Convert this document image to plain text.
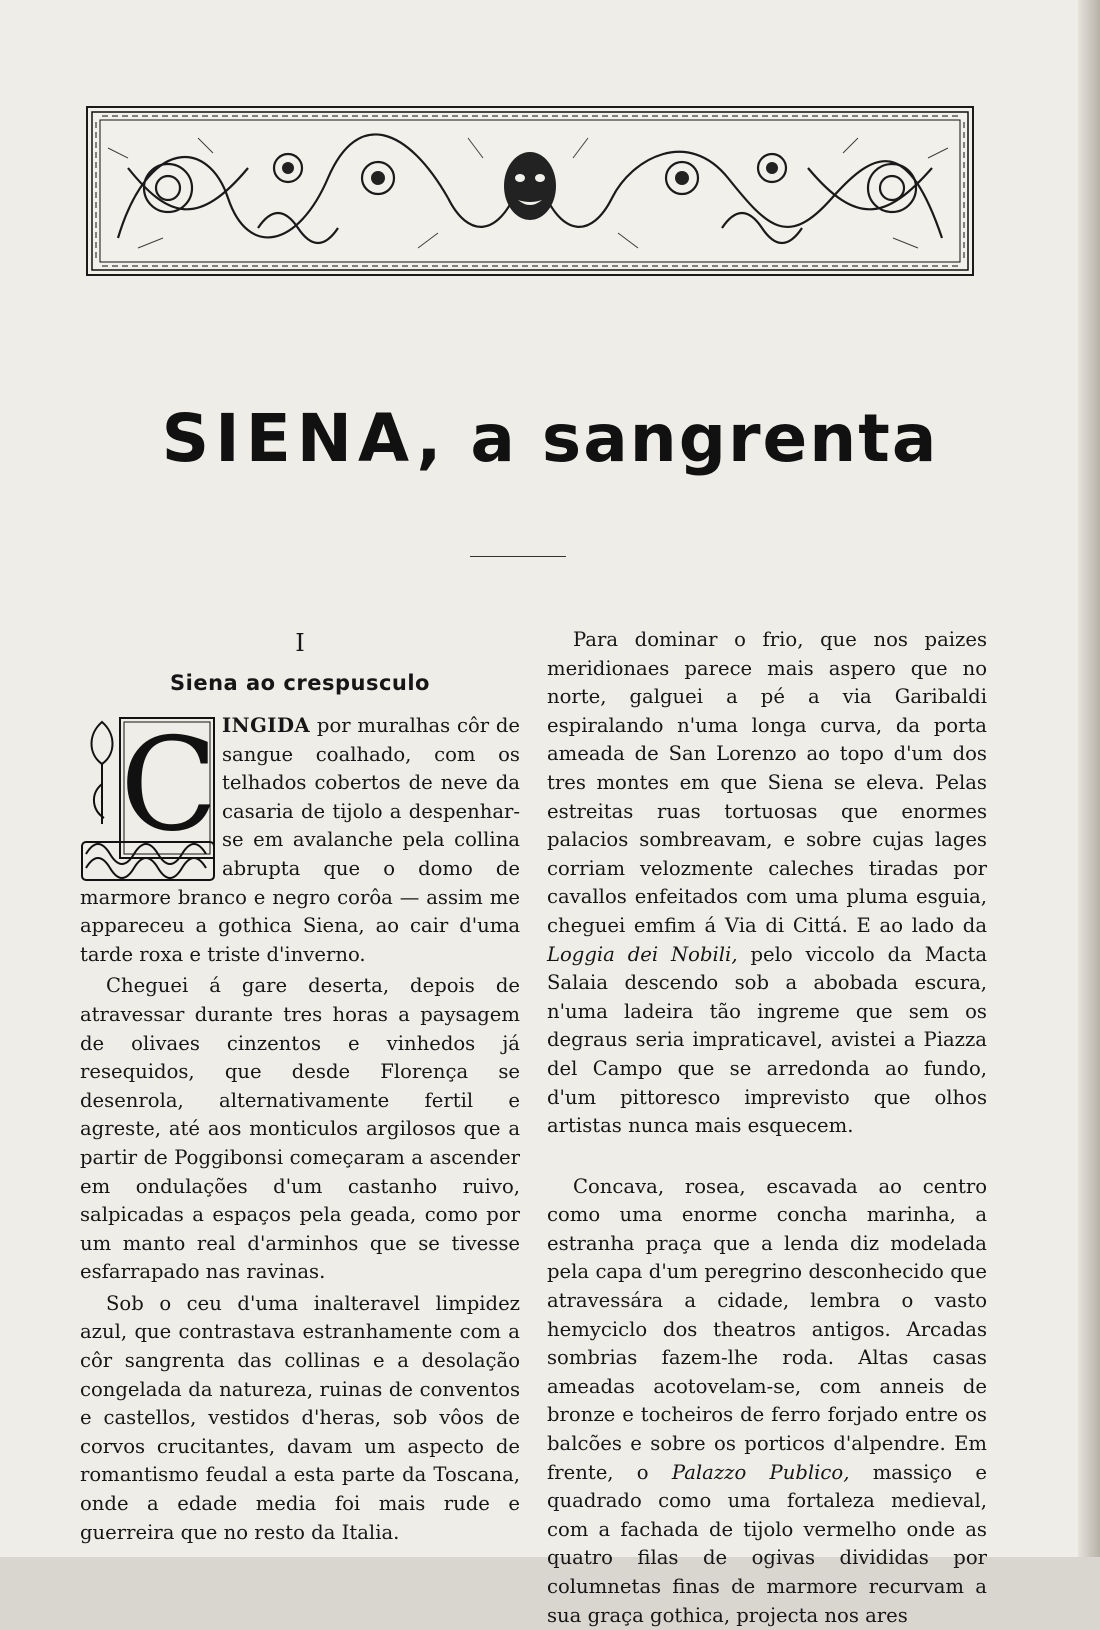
SIENA, a sangrenta
I
Siena ao crespusculo
C INGIDA por muralhas côr de sangue coalhado, com os telhados cobertos de neve da casaria de tijolo a despenhar-se em avalanche pela collina abrupta que o domo de marmore branco e negro corôa — assim me appareceu a gothica Siena, ao cair d'uma tarde roxa e triste d'inverno.

Cheguei á gare deserta, depois de atravessar durante tres horas a paysagem de olivaes cinzentos e vinhedos já resequidos, que desde Florença se desenrola, alternativamente fertil e agreste, até aos monticulos argilosos que a partir de Poggibonsi começaram a ascender em ondulações d'um castanho ruivo, salpicadas a espaços pela geada, como por um manto real d'arminhos que se tivesse esfarrapado nas ravinas.

Sob o ceu d'uma inalteravel limpidez azul, que contrastava estranhamente com a côr sangrenta das collinas e a desolação congelada da natureza, ruinas de conventos e castellos, vestidos d'heras, sob vôos de corvos crucitantes, davam um aspecto de romantismo feudal a esta parte da Toscana, onde a edade media foi mais rude e guerreira que no resto da Italia.

Para dominar o frio, que nos paizes meridionaes parece mais aspero que no norte, galguei a pé a via Garibaldi espiralando n'uma longa curva, da porta ameada de San Lorenzo ao topo d'um dos tres montes em que Siena se eleva. Pelas estreitas ruas tortuosas que enormes palacios sombreavam, e sobre cujas lages corriam velozmente caleches tiradas por cavallos enfeitados com uma pluma esguia, cheguei emfim á Via di Cittá. E ao lado da Loggia dei Nobili, pelo viccolo da Macta Salaia descendo sob a abobada escura, n'uma ladeira tão ingreme que sem os degraus seria impraticavel, avistei a Piazza del Campo que se arredonda ao fundo, d'um pittoresco imprevisto que olhos artistas nunca mais esquecem.

Concava, rosea, escavada ao centro como uma enorme concha marinha, a estranha praça que a lenda diz modelada pela capa d'um peregrino desconhecido que atravessára a cidade, lembra o vasto hemyciclo dos theatros antigos. Arcadas sombrias fazem-lhe roda. Altas casas ameadas acotovelam-se, com anneis de bronze e tocheiros de ferro forjado entre os balcões e sobre os porticos d'alpendre. Em frente, o Palazzo Publico, massiço e quadrado como uma fortaleza medieval, com a fachada de tijolo vermelho onde as quatro filas de ogivas divididas por columnetas finas de marmore recurvam a sua graça gothica, projecta nos ares
